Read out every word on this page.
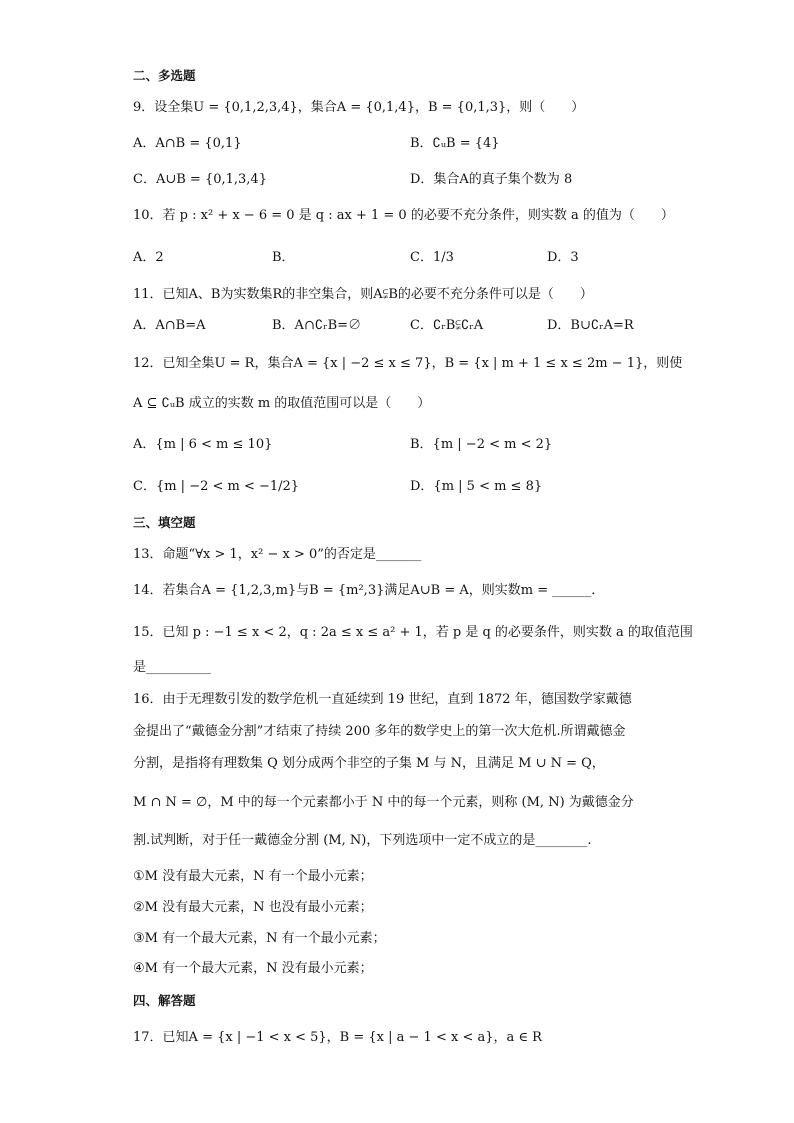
二、多选题
9．设全集U = {0,1,2,3,4}，集合A = {0,1,4}，B = {0,1,3}，则（　　）
A．A∩B = {0,1}	B．∁ᵤB = {4}
C．A∪B = {0,1,3,4}	D．集合A的真子集个数为 8
10．若 p : x² + x − 6 = 0 是 q : ax + 1 = 0 的必要不充分条件，则实数 a 的值为（　　）
A．2	B．	C．1/3	D．3
11．已知A、B为实数集R的非空集合，则A⫋B的必要不充分条件可以是（　　）
A．A∩B=A	B．A∩∁ᵣB=∅	C．∁ᵣB⫋∁ᵣA	D．B∪∁ᵣA=R
12．已知全集U = R，集合A = {x | −2 ≤ x ≤ 7}，B = {x | m + 1 ≤ x ≤ 2m − 1}，则使
A ⊆ ∁ᵤB 成立的实数 m 的取值范围可以是（　　）
A．{m | 6 < m ≤ 10}	B．{m | −2 < m < 2}
C．{m | −2 < m < −1/2}	D．{m | 5 < m ≤ 8}
三、填空题
13．命题“∀x > 1，x² − x > 0”的否定是_______
14．若集合A = {1,2,3,m}与B = {m²,3}满足A∪B = A，则实数m = ______．
15．已知 p : −1 ≤ x < 2，q : 2a ≤ x ≤ a² + 1，若 p 是 q 的必要条件，则实数 a 的取值范围
是__________
16．由于无理数引发的数学危机一直延续到 19 世纪，直到 1872 年，德国数学家戴德
金提出了“戴德金分割”才结束了持续 200 多年的数学史上的第一次大危机.所谓戴德金
分割，是指将有理数集 Q 划分成两个非空的子集 M 与 N，且满足 M ∪ N = Q，
M ∩ N = ∅，M 中的每一个元素都小于 N 中的每一个元素，则称 (M, N) 为戴德金分
割.试判断，对于任一戴德金分割 (M, N)，下列选项中一定不成立的是________.
①M 没有最大元素，N 有一个最小元素；
②M 没有最大元素，N 也没有最小元素；
③M 有一个最大元素，N 有一个最小元素；
④M 有一个最大元素，N 没有最小元素；
四、解答题
17．已知A = {x | −1 < x < 5}，B = {x | a − 1 < x < a}，a ∈ R
